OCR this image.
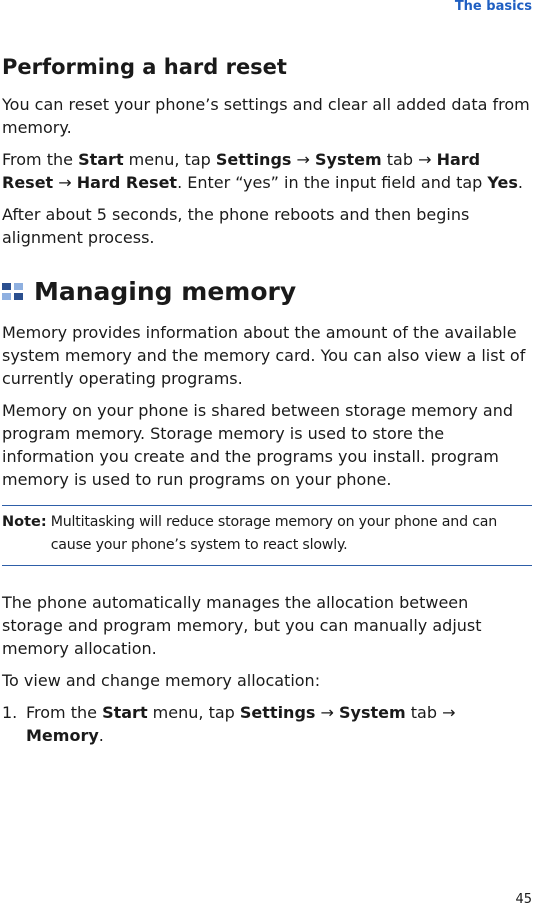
The basics
Performing a hard reset

You can reset your phone’s settings and clear all added data from memory.

From the Start menu, tap Settings → System tab → Hard Reset → Hard Reset. Enter “yes” in the input field and tap Yes.

After about 5 seconds, the phone reboots and then begins alignment process.

Managing memory

Memory provides information about the amount of the available system memory and the memory card. You can also view a list of currently operating programs.

Memory on your phone is shared between storage memory and program memory. Storage memory is used to store the information you create and the programs you install. program memory is used to run programs on your phone.

Note: Multitasking will reduce storage memory on your phone and can cause your phone’s system to react slowly.

The phone automatically manages the allocation between storage and program memory, but you can manually adjust memory allocation.

To view and change memory allocation:

1. From the Start menu, tap Settings → System tab → Memory.
45
